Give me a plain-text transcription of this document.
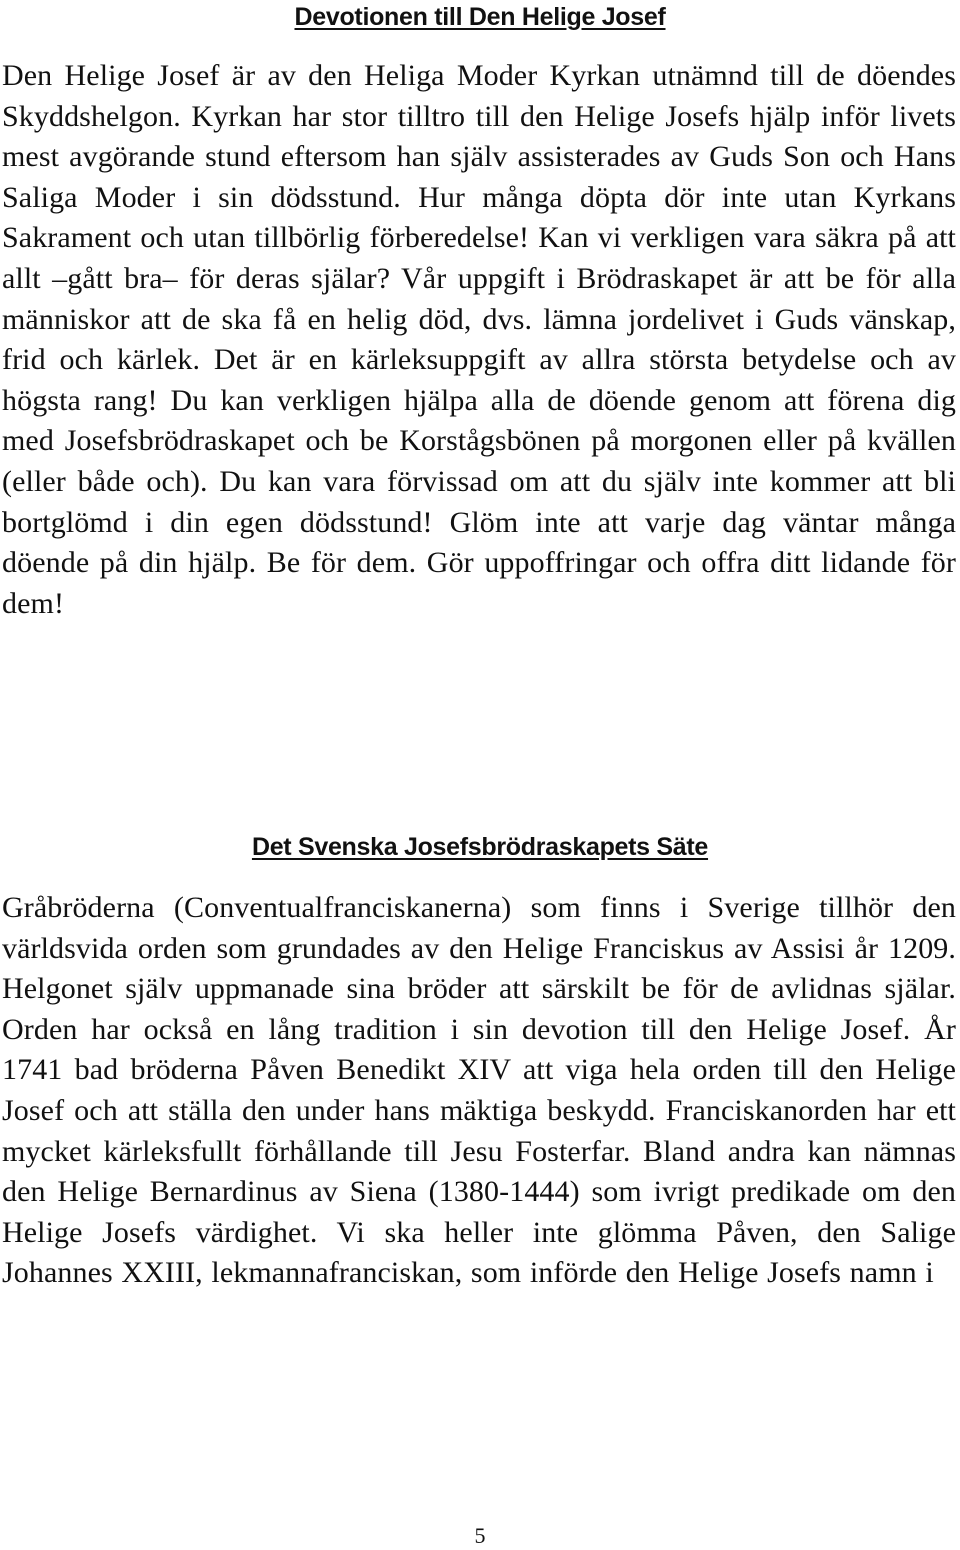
Devotionen till Den Helige Josef

Den Helige Josef är av den Heliga Moder Kyrkan utnämnd till de döendes Skyddshelgon. Kyrkan har stor tilltro till den Helige Josefs hjälp inför livets mest avgörande stund eftersom han själv assisterades av Guds Son och Hans Saliga Moder i sin dödsstund. Hur många döpta dör inte utan Kyrkans Sakrament och utan tillbörlig förberedelse! Kan vi verkligen vara säkra på att allt –gått bra– för deras själar? Vår uppgift i Brödraskapet är att be för alla människor att de ska få en helig död, dvs. lämna jordelivet i Guds vänskap, frid och kärlek. Det är en kärleksuppgift av allra största betydelse och av högsta rang! Du kan verkligen hjälpa alla de döende genom att förena dig med Josefsbrödraskapet och be Korstågsbönen på morgonen eller på kvällen (eller både och). Du kan vara förvissad om att du själv inte kommer att bli bortglömd i din egen dödsstund! Glöm inte att varje dag väntar många döende på din hjälp. Be för dem. Gör uppoffringar och offra ditt lidande för dem!

Det Svenska Josefsbrödraskapets Säte

Gråbröderna (Conventualfranciskanerna) som finns i Sverige tillhör den världsvida orden som grundades av den Helige Franciskus av Assisi år 1209. Helgonet själv uppmanade sina bröder att särskilt be för de avlidnas själar. Orden har också en lång tradition i sin devotion till den Helige Josef. År 1741 bad bröderna Påven Benedikt XIV att viga hela orden till den Helige Josef och att ställa den under hans mäktiga beskydd. Franciskanorden har ett mycket kärleksfullt förhållande till Jesu Fosterfar. Bland andra kan nämnas den Helige Bernardinus av Siena (1380-1444) som ivrigt predikade om den Helige Josefs värdighet. Vi ska heller inte glömma Påven, den Salige Johannes XXIII, lekmannafranciskan, som införde den Helige Josefs namn i

5
